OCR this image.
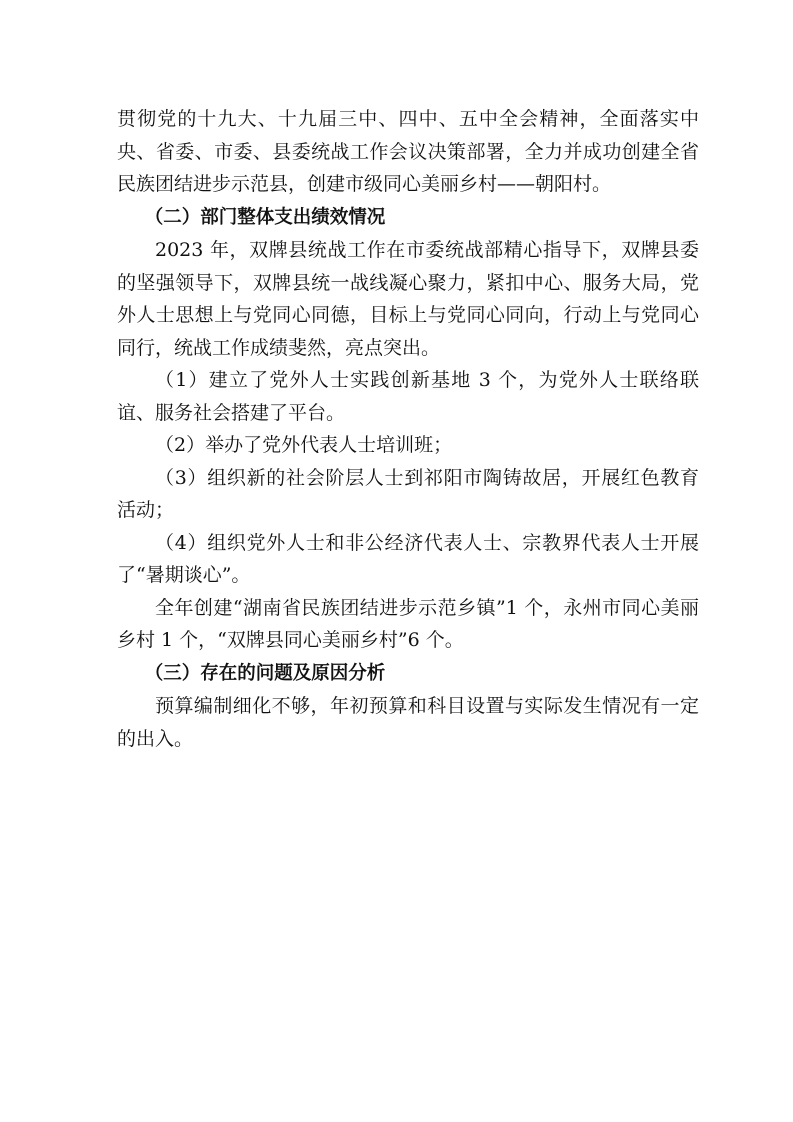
贯彻党的十九大、十九届三中、四中、五中全会精神，全面落实中央、省委、市委、县委统战工作会议决策部署，全力并成功创建全省民族团结进步示范县，创建市级同心美丽乡村——朝阳村。

（二）部门整体支出绩效情况

2023 年，双牌县统战工作在市委统战部精心指导下，双牌县委的坚强领导下，双牌县统一战线凝心聚力，紧扣中心、服务大局，党外人士思想上与党同心同德，目标上与党同心同向，行动上与党同心同行，统战工作成绩斐然，亮点突出。

（1）建立了党外人士实践创新基地 3 个，为党外人士联络联谊、服务社会搭建了平台。

（2）举办了党外代表人士培训班；

（3）组织新的社会阶层人士到祁阳市陶铸故居，开展红色教育活动；

（4）组织党外人士和非公经济代表人士、宗教界代表人士开展了“暑期谈心”。

全年创建“湖南省民族团结进步示范乡镇”1 个，永州市同心美丽乡村 1 个，“双牌县同心美丽乡村”6 个。

（三）存在的问题及原因分析

预算编制细化不够，年初预算和科目设置与实际发生情况有一定的出入。
